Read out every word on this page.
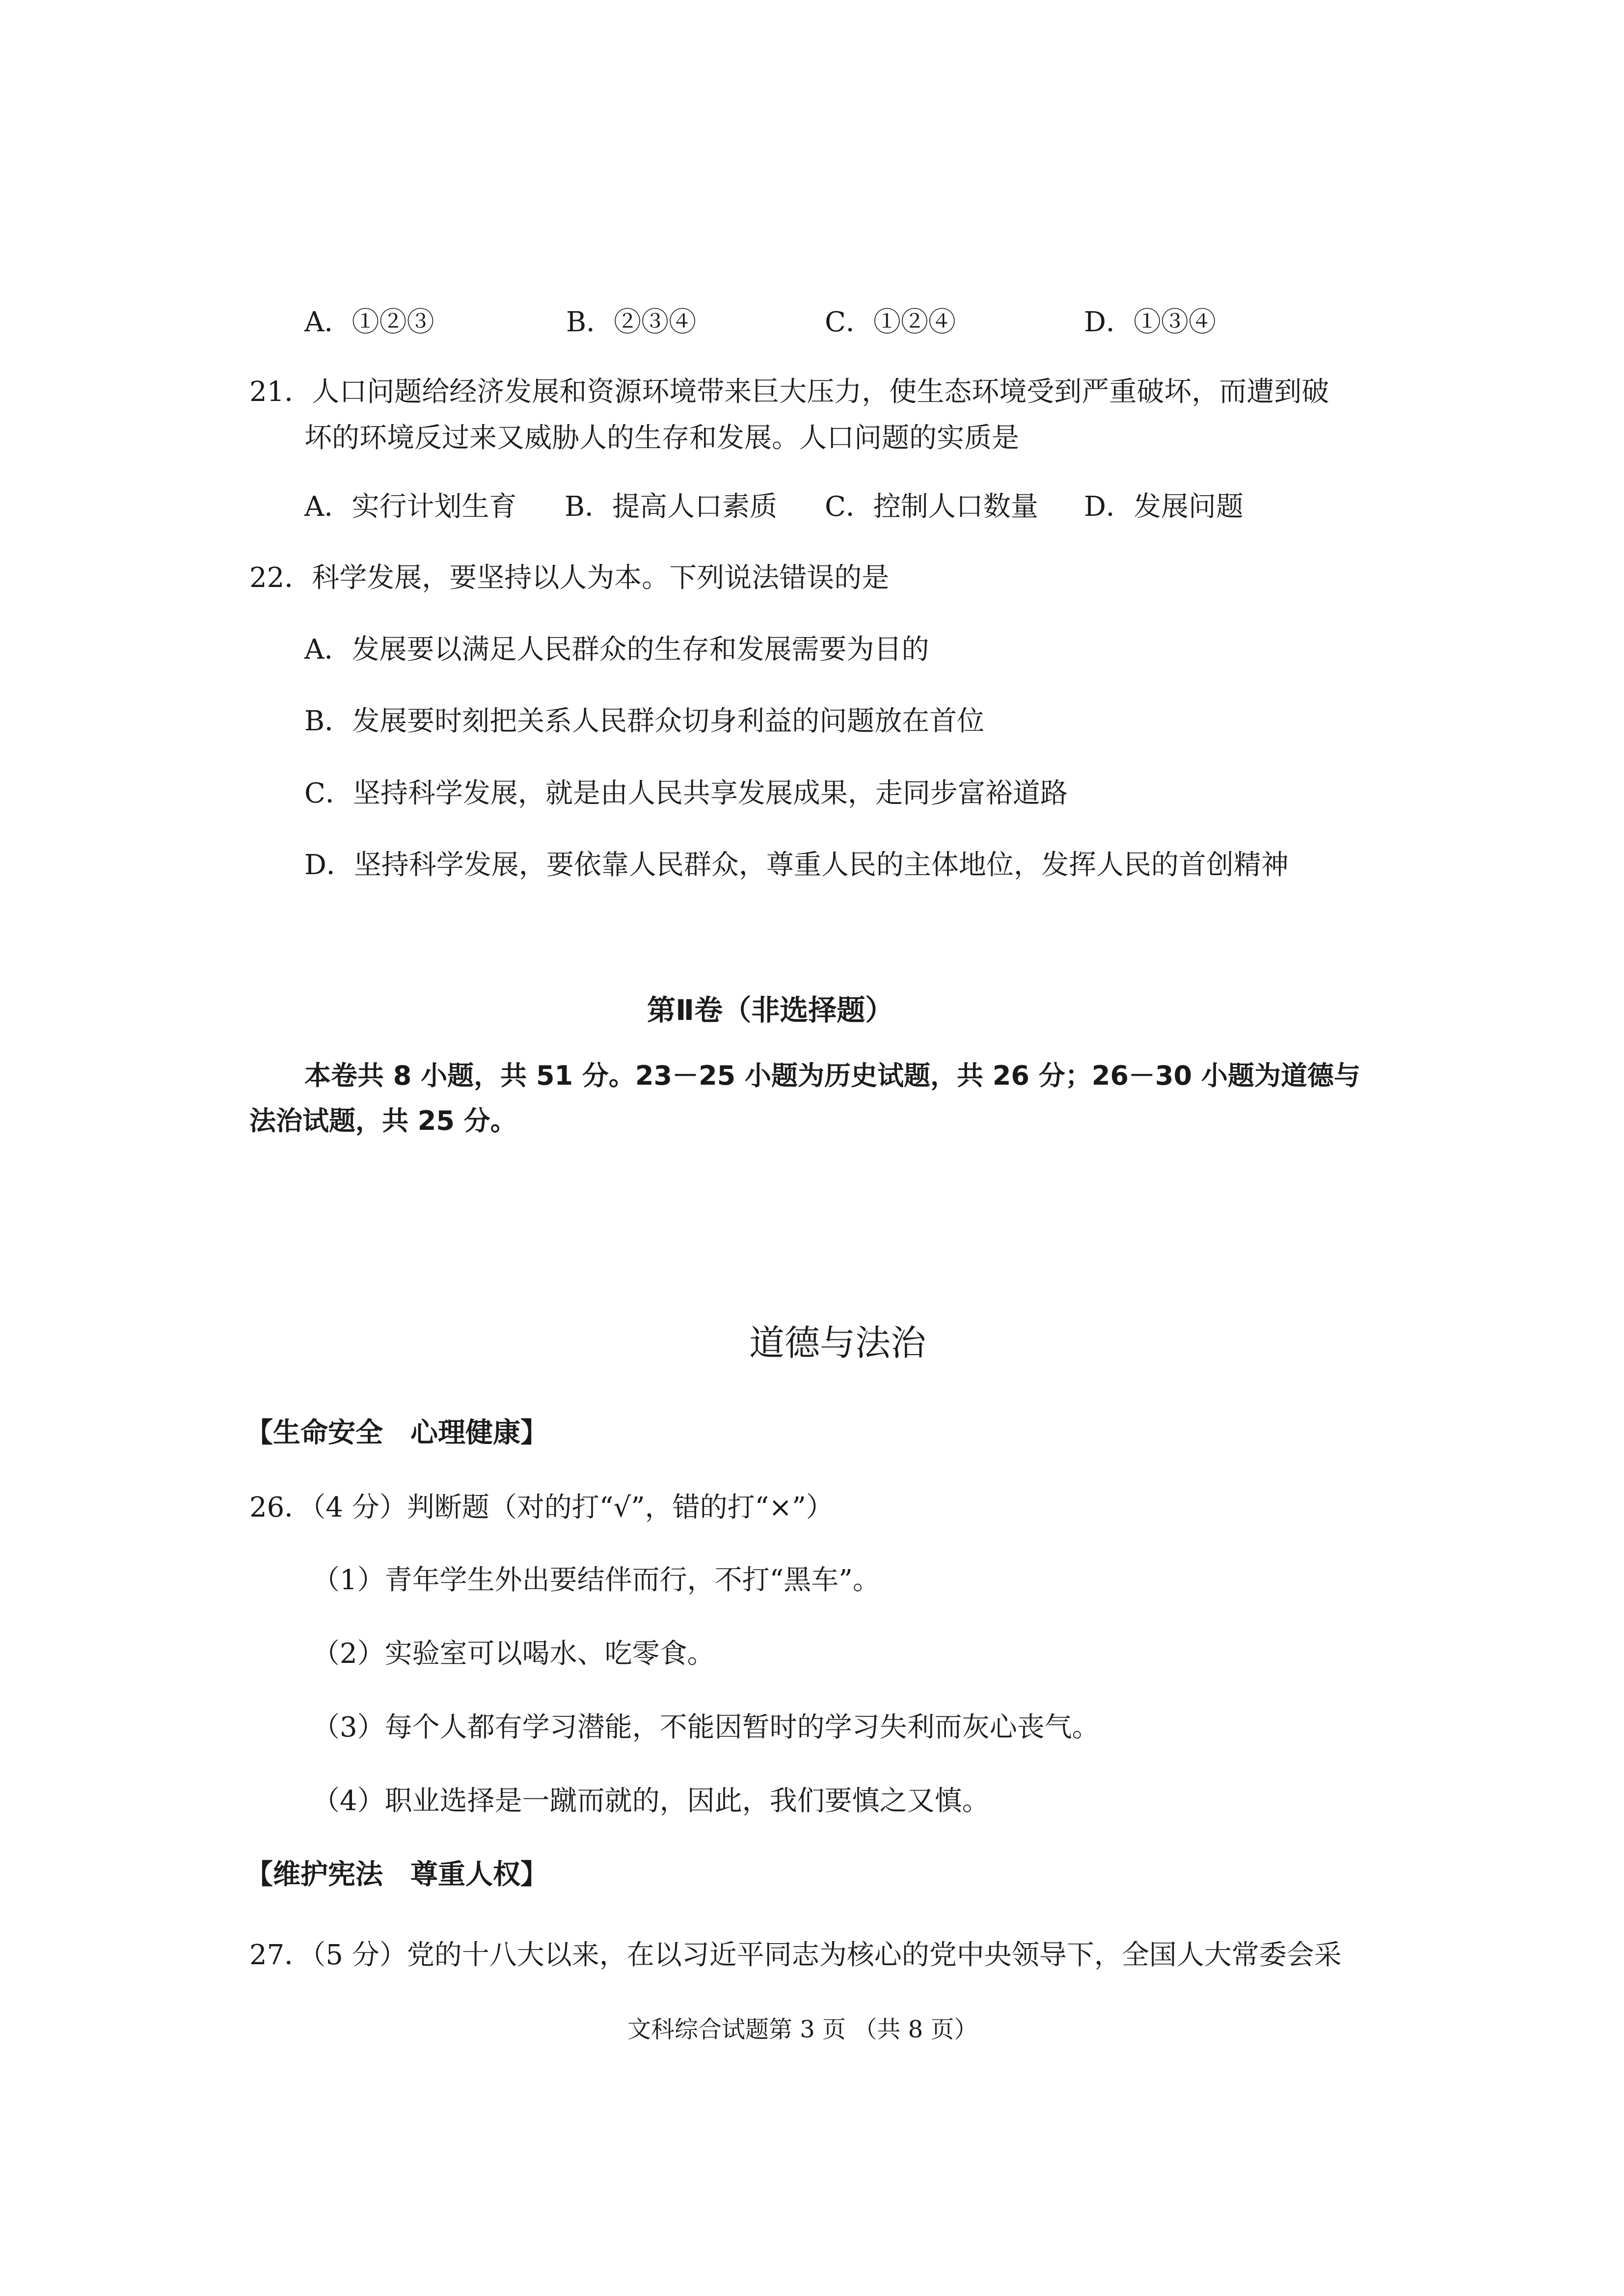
A．①②③	B．②③④	C．①②④	D．①③④
21．人口问题给经济发展和资源环境带来巨大压力，使生态环境受到严重破坏，而遭到破
坏的环境反过来又威胁人的生存和发展。人口问题的实质是
A．实行计划生育 B．提高人口素质 C．控制人口数量 D．发展问题
22．科学发展，要坚持以人为本。下列说法错误的是
A．发展要以满足人民群众的生存和发展需要为目的
B．发展要时刻把关系人民群众切身利益的问题放在首位
C．坚持科学发展，就是由人民共享发展成果，走同步富裕道路
D．坚持科学发展，要依靠人民群众，尊重人民的主体地位，发挥人民的首创精神
第Ⅱ卷（非选择题）
本卷共 8 小题，共 51 分。23－25 小题为历史试题，共 26 分；26－30 小题为道德与
法治试题，共 25 分。
道德与法治
【生命安全　心理健康】
26．（4 分）判断题（对的打“√”，错的打“×”）
（1）青年学生外出要结伴而行，不打“黑车”。
（2）实验室可以喝水、吃零食。
（3）每个人都有学习潜能，不能因暂时的学习失利而灰心丧气。
（4）职业选择是一蹴而就的，因此，我们要慎之又慎。
【维护宪法　尊重人权】
27．（5 分）党的十八大以来，在以习近平同志为核心的党中央领导下，全国人大常委会采
文科综合试题第 3 页 （共 8 页）
